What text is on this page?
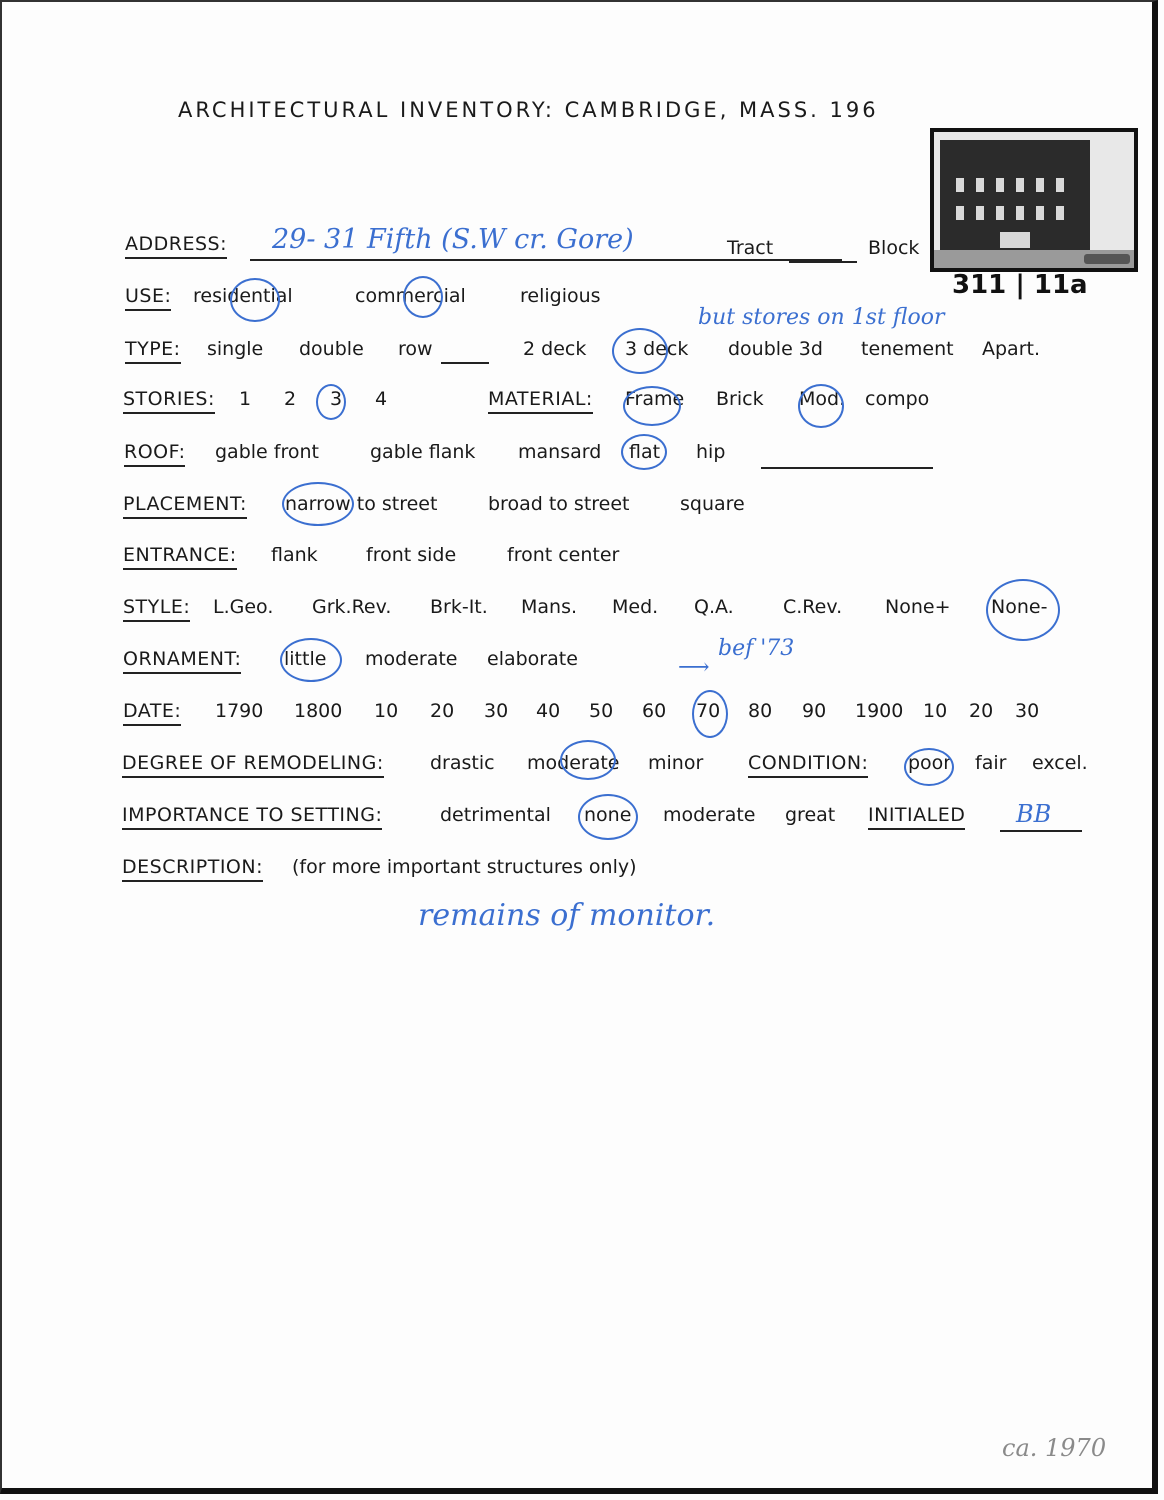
ARCHITECTURAL INVENTORY: CAMBRIDGE, MASS. 196
311 | 11a
ADDRESS:	Tract	Block
29- 31 Fifth (S.W cr. Gore)
USE: residential	commercial	religious
but stores on 1st floor
TYPE: single double row	2 deck 3 deck double 3d tenement Apart.
STORIES: 1 2 3 4	MATERIAL: Frame Brick Mod. compo
ROOF: gable front	gable flank mansard flat hip
PLACEMENT: narrow to street	broad to street	square
ENTRANCE: flank	front side	front center
STYLE: L.Geo. Grk.Rev. Brk-It. Mans. Med. Q.A.	C.Rev. None+ None-
bef '73
⟶
ORNAMENT: little moderate elaborate
DATE: 1790 1800 10 20 30 40 50 60 70 80 90 1900 10 20 30
DEGREE OF REMODELING: drastic moderate minor CONDITION: poor fair excel.
IMPORTANCE TO SETTING:	detrimental none moderate great INITIALED BB
DESCRIPTION: (for more important structures only)
remains of monitor.
ca. 1970
